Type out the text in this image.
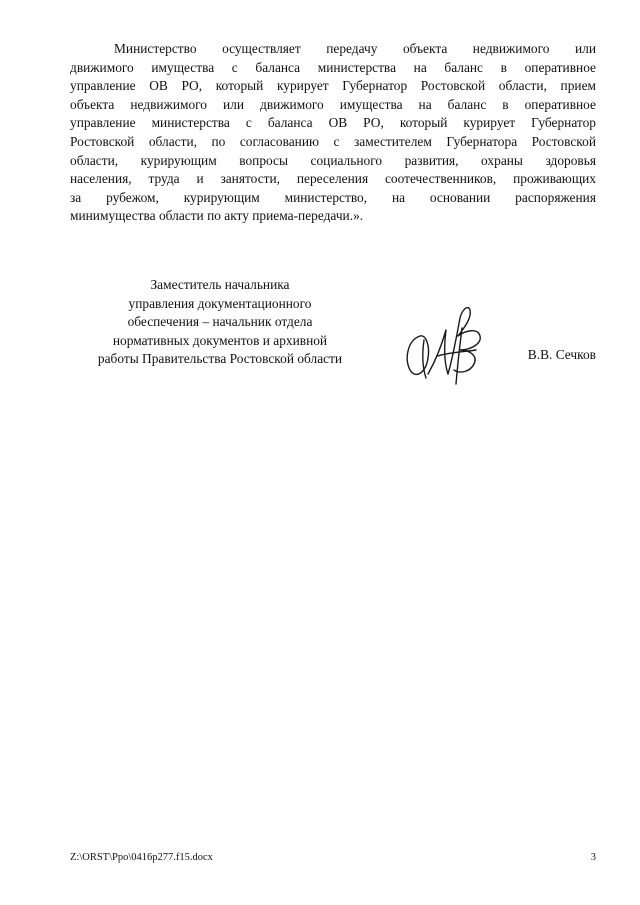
Министерство осуществляет передачу объекта недвижимого или
движимого имущества с баланса министерства на баланс в оперативное
управление ОВ РО, который курирует Губернатор Ростовской области, прием
объекта недвижимого или движимого имущества на баланс в оперативное
управление министерства с баланса ОВ РО, который курирует Губернатор
Ростовской области, по согласованию с заместителем Губернатора Ростовской
области, курирующим вопросы социального развития, охраны здоровья
населения, труда и занятости, переселения соотечественников, проживающих
за рубежом, курирующим министерство, на основании распоряжения
минимущества области по акту приема-передачи.».
Заместитель начальника
управления документационного
обеспечения – начальник отдела
нормативных документов и архивной
работы Правительства Ростовской области	В.В. Сечков
Z:\ORST\Ppo\0416p277.f15.docx	3
